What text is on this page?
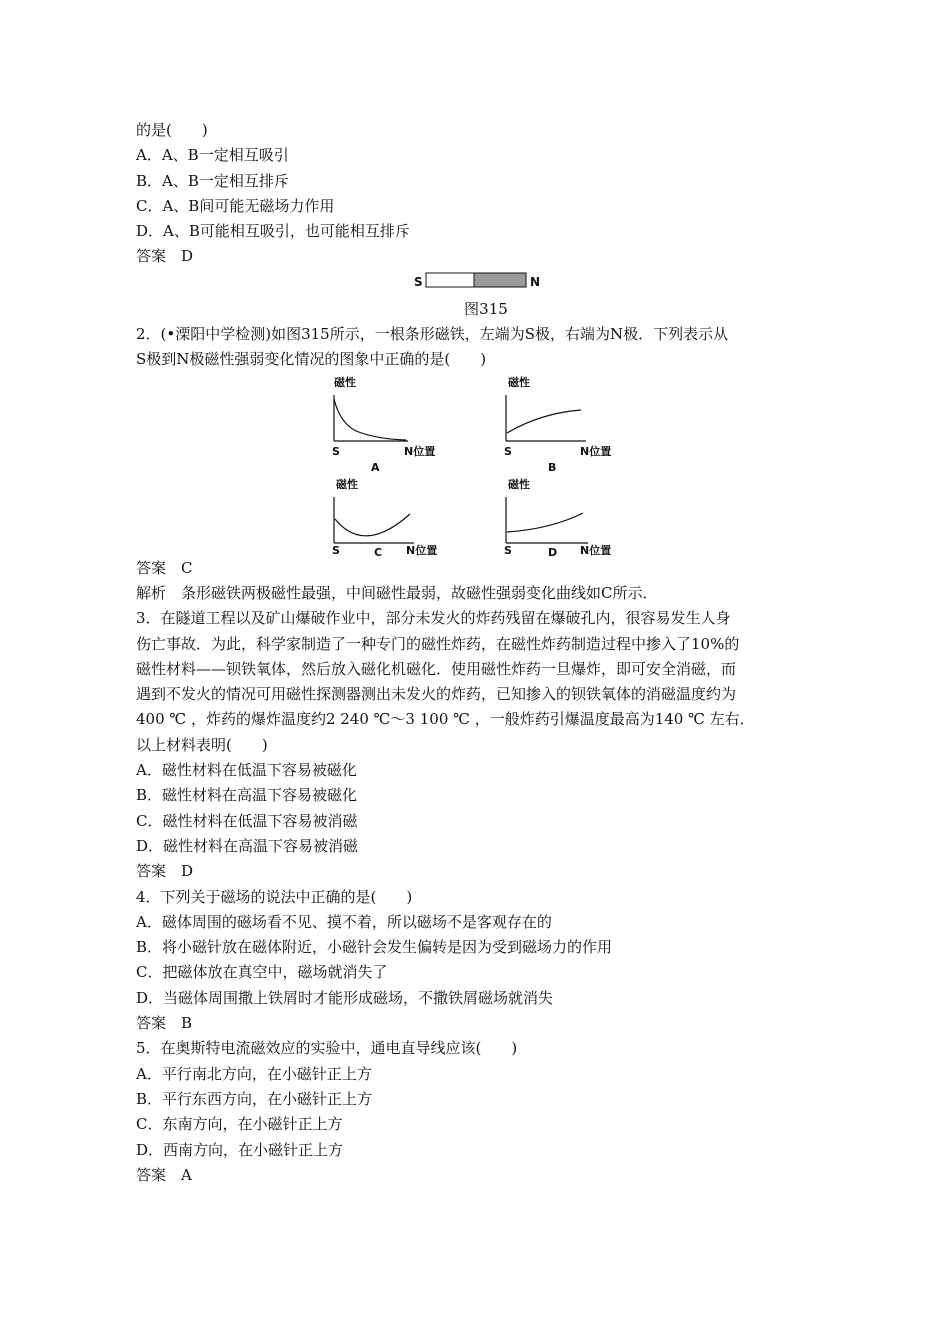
的是(　　)
A．A、B一定相互吸引
B．A、B一定相互排斥
C．A、B间可能无磁场力作用
D．A、B可能相互吸引，也可能相互排斥
答案　D
S	N
图315
2．(•溧阳中学检测)如图315所示，一根条形磁铁，左端为S极，右端为N极．下列表示从
S极到N极磁性强弱变化情况的图象中正确的是(　　)
磁性
S	N位置
A
磁性
S	N位置
B
磁性
S	N位置
C
磁性
S	N位置
D
答案　C
解析　条形磁铁两极磁性最强，中间磁性最弱，故磁性强弱变化曲线如C所示．
3．在隧道工程以及矿山爆破作业中，部分未发火的炸药残留在爆破孔内，很容易发生人身
伤亡事故．为此，科学家制造了一种专门的磁性炸药，在磁性炸药制造过程中掺入了10%的
磁性材料——钡铁氧体，然后放入磁化机磁化．使用磁性炸药一旦爆炸，即可安全消磁，而
遇到不发火的情况可用磁性探测器测出未发火的炸药，已知掺入的钡铁氧体的消磁温度约为
400 ℃ ，炸药的爆炸温度约2 240 ℃～3 100 ℃ ，一般炸药引爆温度最高为140 ℃ 左右．
以上材料表明(　　)
A．磁性材料在低温下容易被磁化
B．磁性材料在高温下容易被磁化
C．磁性材料在低温下容易被消磁
D．磁性材料在高温下容易被消磁
答案　D
4．下列关于磁场的说法中正确的是(　　)
A．磁体周围的磁场看不见、摸不着，所以磁场不是客观存在的
B．将小磁针放在磁体附近，小磁针会发生偏转是因为受到磁场力的作用
C．把磁体放在真空中，磁场就消失了
D．当磁体周围撒上铁屑时才能形成磁场，不撒铁屑磁场就消失
答案　B
5．在奥斯特电流磁效应的实验中，通电直导线应该(　　)
A．平行南北方向，在小磁针正上方
B．平行东西方向，在小磁针正上方
C．东南方向，在小磁针正上方
D．西南方向，在小磁针正上方
答案　A
